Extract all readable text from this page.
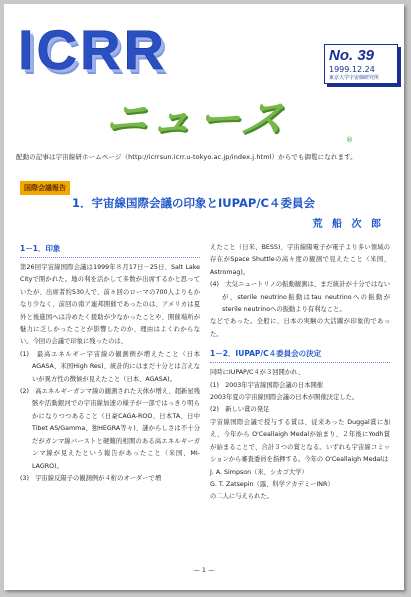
ICRR	No. 39
1999.12.24
東京大学宇宙線研究所
ニュース	®
配動の記事は宇宙線研ホームページ（http://icrrsun.icrr.u-tokyo.ac.jp/index.j.html）からでも御覧になれます。
国際会議報告
1．宇宙線国際会議の印象とIUPAP/C４委員会
荒 船 次 郎
1－1．印象

第26回宇宙線国際会議は1999年８月17日－25日、Salt Lake Cityで開かれた。地の利を活かして多数が出席するかと思っていたが、出席者約530人で、前々回のローマの700人よりもかなり少なく、前回の南ア連邦開催であったのは、アメリカは夏外と後進国へは冷めたく援助が少なかったことや、開催場所が魅力に乏しかったことが影響したのか、理由はよくわからない。今回の会議で印象に残ったのは、

(1)　最高エネルギー宇宙線の観測例が増えたこと（日本AGASA、米国High Res)、統計的にはまだ十分とは言えないが異方性の徴候が見えたこと（日本、AGASA)。

(2)　高エネルギーガンマ線の観測された天体が増え、超新星残骸や活動銀河での宇宙線加速の様子が一部ではっきり明らかになりつつあること（日豪CAGA-ROO、日本TA、日中Tibet AS/Gamma、独HEGRA等々)、謎からしさは不十分だがガンマ線バーストと硬難的相関のある高エネルギーガンマ線が見えたという報告があったこと（米国、MI-LAGRO)。

(3)　宇宙線反陽子の観測例が４桁のオーダーで増

えたこと（日米、BESS)、宇宙線陽電子が電子より多い領域の存在がSpace Shuttleの高々度の観測で見えたこと（米国、Astromag)。

(4)　大気ニュートリノの振動観測は、まだ統計が十分ではないが、sterile neutrino振動はtau neutrinoへの振動がsterile neutrinoへの振動より有利なこと。

などであった。全般に、日本の実験の大活躍が印象的であった。

1－2．IUPAP/C４委員会の決定

同時にIUPAP/C４が３回開かれ、

(1)　2003年宇宙線国際会議の日本開催

2003年夏の宇宙線国際会議の日本が開催決定した。

(2)　新しい賞の発足

宇宙線国際会議で授与する賞は、従来あった Duggal賞に加え、今年から O'Ceallaigh Medalが始まり、２年後にYodh賞が始まることで、合計３つの賞となる。いずれも宇宙線コミッションから審査委員を指揮する。今年の O'Ceallaigh Medalは

J. A. Simpson（米、シカゴ大学）

G. T. Zatsepin（露、科学アカデミーINR）

の二人に与えられた。

— 1 —
